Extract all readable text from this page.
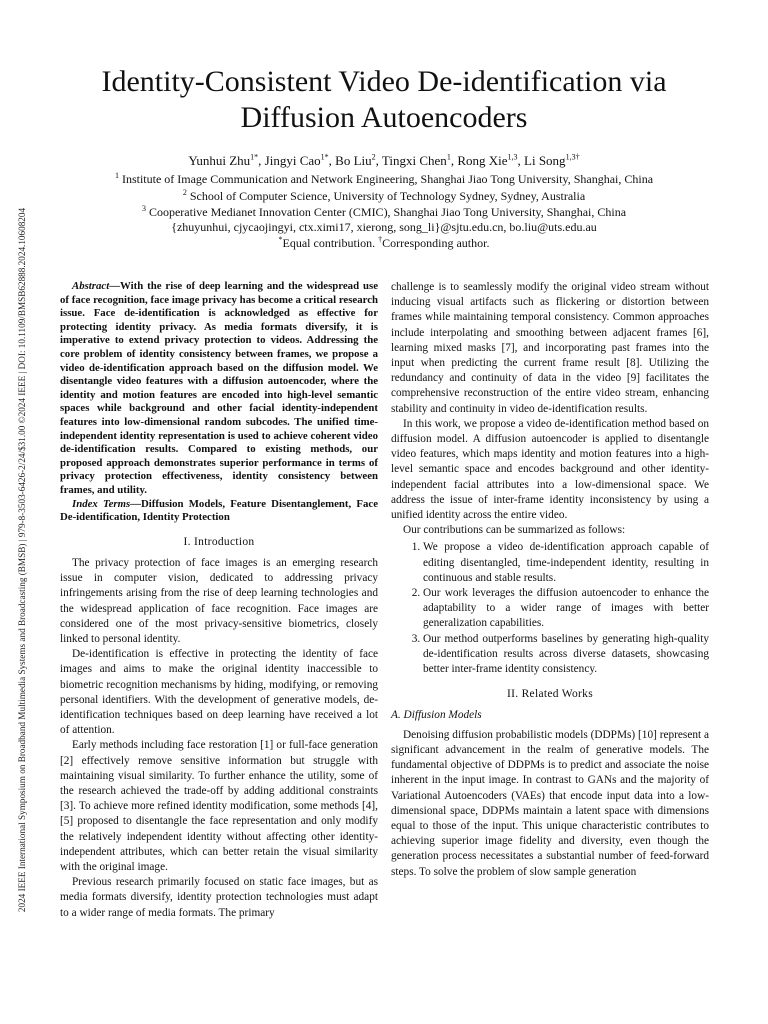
2024 IEEE International Symposium on Broadband Multimedia Systems and Broadcasting (BMSB) | 979-8-3503-6426-2/24/$31.00 ©2024 IEEE | DOI: 10.1109/BMSB62888.2024.10608204
Identity-Consistent Video De-identification via
Diffusion Autoencoders
Yunhui Zhu$^{1*}$, Jingyi Cao$^{1*}$, Bo Liu$^2$, Tingxi Chen$^1$, Rong Xie$^{1,3}$, Li Song$^{1,3\dagger}$
$^1$ Institute of Image Communication and Network Engineering, Shanghai Jiao Tong University, Shanghai, China
$^2$ School of Computer Science, University of Technology Sydney, Sydney, Australia
$^3$ Cooperative Medianet Innovation Center (CMIC), Shanghai Jiao Tong University, Shanghai, China
{zhuyunhui, cjycaojingyi, ctx.ximi17, xierong, song_li}@sjtu.edu.cn, bo.liu@uts.edu.au
*Equal contribution. †Corresponding author.

Abstract—With the rise of deep learning and the widespread use of face recognition, face image privacy has become a critical research issue. Face de-identification is acknowledged as effective for protecting identity privacy. As media formats diversify, it is imperative to extend privacy protection to videos. Addressing the core problem of identity consistency between frames, we propose a video de-identification approach based on the diffusion model. We disentangle video features with a diffusion autoencoder, where the identity and motion features are encoded into high-level semantic spaces while background and other facial identity-independent features into low-dimensional random subcodes. The unified time-independent identity representation is used to achieve coherent video de-identification results. Compared to existing methods, our proposed approach demonstrates superior performance in terms of privacy protection effectiveness, identity consistency between frames, and utility.

Index Terms—Diffusion Models, Feature Disentanglement, Face De-identification, Identity Protection

I. Introduction

The privacy protection of face images is an emerging research issue in computer vision, dedicated to addressing privacy infringements arising from the rise of deep learning technologies and the widespread application of face recognition. Face images are considered one of the most privacy-sensitive biometrics, closely linked to personal identity.

De-identification is effective in protecting the identity of face images and aims to make the original identity inaccessible to biometric recognition mechanisms by hiding, modifying, or removing personal identifiers. With the development of generative models, de-identification techniques based on deep learning have received a lot of attention.

Early methods including face restoration [1] or full-face generation [2] effectively remove sensitive information but struggle with maintaining visual similarity. To further enhance the utility, some of the research achieved the trade-off by adding additional constraints [3]. To achieve more refined identity modification, some methods [4], [5] proposed to disentangle the face representation and only modify the relatively independent identity without affecting other identity-independent attributes, which can better retain the visual similarity with the original image.

Previous research primarily focused on static face images, but as media formats diversify, identity protection technologies must adapt to a wider range of media formats. The primary

challenge is to seamlessly modify the original video stream without inducing visual artifacts such as flickering or distortion between frames while maintaining temporal consistency. Common approaches include interpolating and smoothing between adjacent frames [6], learning mixed masks [7], and incorporating past frames into the input when predicting the current frame result [8]. Utilizing the redundancy and continuity of data in the video [9] facilitates the comprehensive reconstruction of the entire video stream, enhancing stability and continuity in video de-identification results.

In this work, we propose a video de-identification method based on diffusion model. A diffusion autoencoder is applied to disentangle video features, which maps identity and motion features into a high-level semantic space and encodes background and other identity-independent facial attributes into a low-dimensional space. We address the issue of inter-frame identity inconsistency by using a unified identity across the entire video.

Our contributions can be summarized as follows:

1. We propose a video de-identification approach capable of editing disentangled, time-independent identity, resulting in continuous and stable results.
2. Our work leverages the diffusion autoencoder to enhance the adaptability to a wider range of images with better generalization capabilities.
3. Our method outperforms baselines by generating high-quality de-identification results across diverse datasets, showcasing better inter-frame identity consistency.
II. Related Works
A. Diffusion Models

Denoising diffusion probabilistic models (DDPMs) [10] represent a significant advancement in the realm of generative models. The fundamental objective of DDPMs is to predict and associate the noise inherent in the input image. In contrast to GANs and the majority of Variational Autoencoders (VAEs) that encode input data into a low-dimensional space, DDPMs maintain a latent space with dimensions equal to those of the input. This unique characteristic contributes to achieving superior image fidelity and diversity, even though the generation process necessitates a substantial number of feed-forward steps. To solve the problem of slow sample generation
